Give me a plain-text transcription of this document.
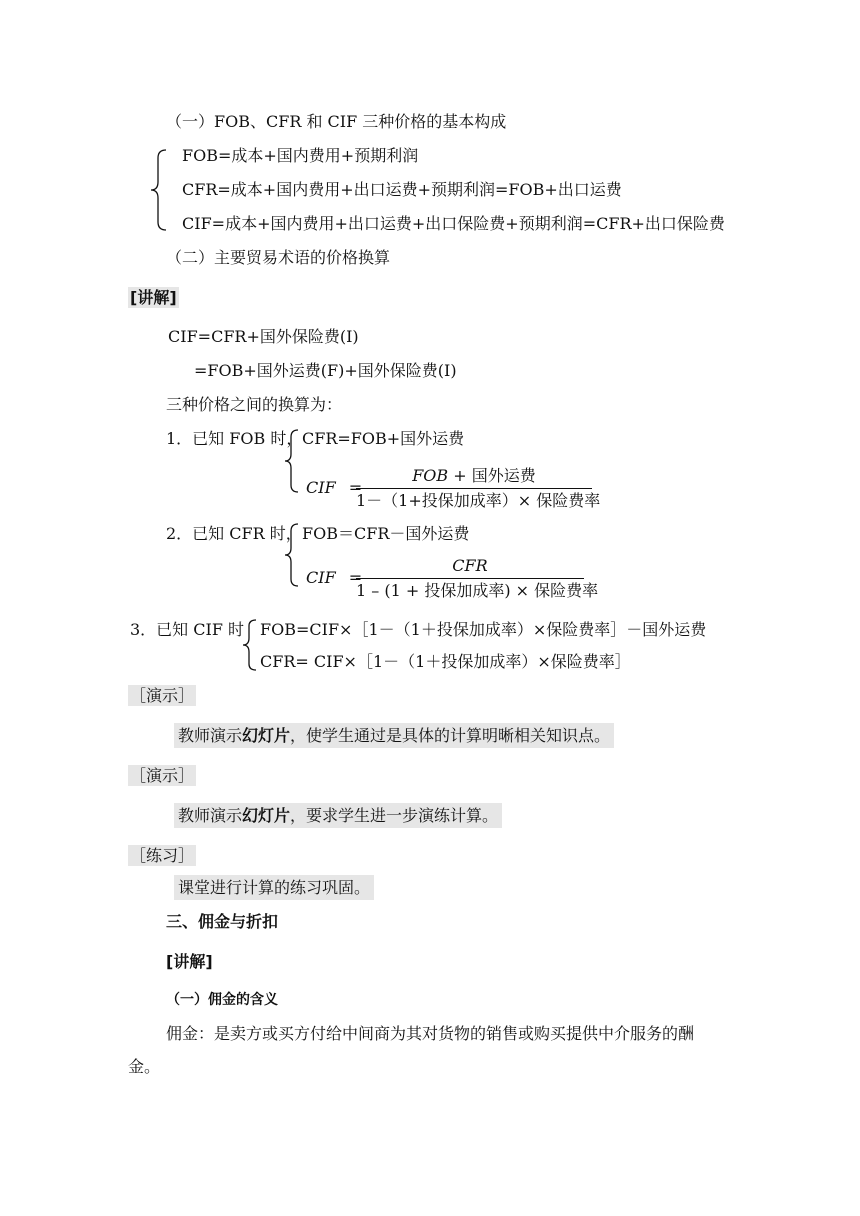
（一）FOB、CFR 和 CIF 三种价格的基本构成
FOB=成本+国内费用+预期利润
CFR=成本+国内费用+出口运费+预期利润=FOB+出口运费
CIF=成本+国内费用+出口运费+出口保险费+预期利润=CFR+出口保险费
（二）主要贸易术语的价格换算
[讲解]
CIF=CFR+国外保险费(I)
=FOB+国外运费(F)+国外保险费(I)
三种价格之间的换算为：
1．已知 FOB 时， CFR=FOB+国外运费
CIF =
FOB + 国外运费
1－（1+投保加成率）× 保险费率
2．已知 CFR 时， FOB＝CFR－国外运费
CIF =
CFR
1 – (1 + 投保加成率) × 保险费率
3．已知 CIF 时 FOB=CIF×［1－（1＋投保加成率）×保险费率］－国外运费
CFR= CIF×［1－（1＋投保加成率）×保险费率］
［演示］
教师演示幻灯片，使学生通过是具体的计算明晰相关知识点。
［演示］
教师演示幻灯片，要求学生进一步演练计算。
［练习］
课堂进行计算的练习巩固。
三、佣金与折扣
[讲解]
（一）佣金的含义
佣金：是卖方或买方付给中间商为其对货物的销售或购买提供中介服务的酬
金。
